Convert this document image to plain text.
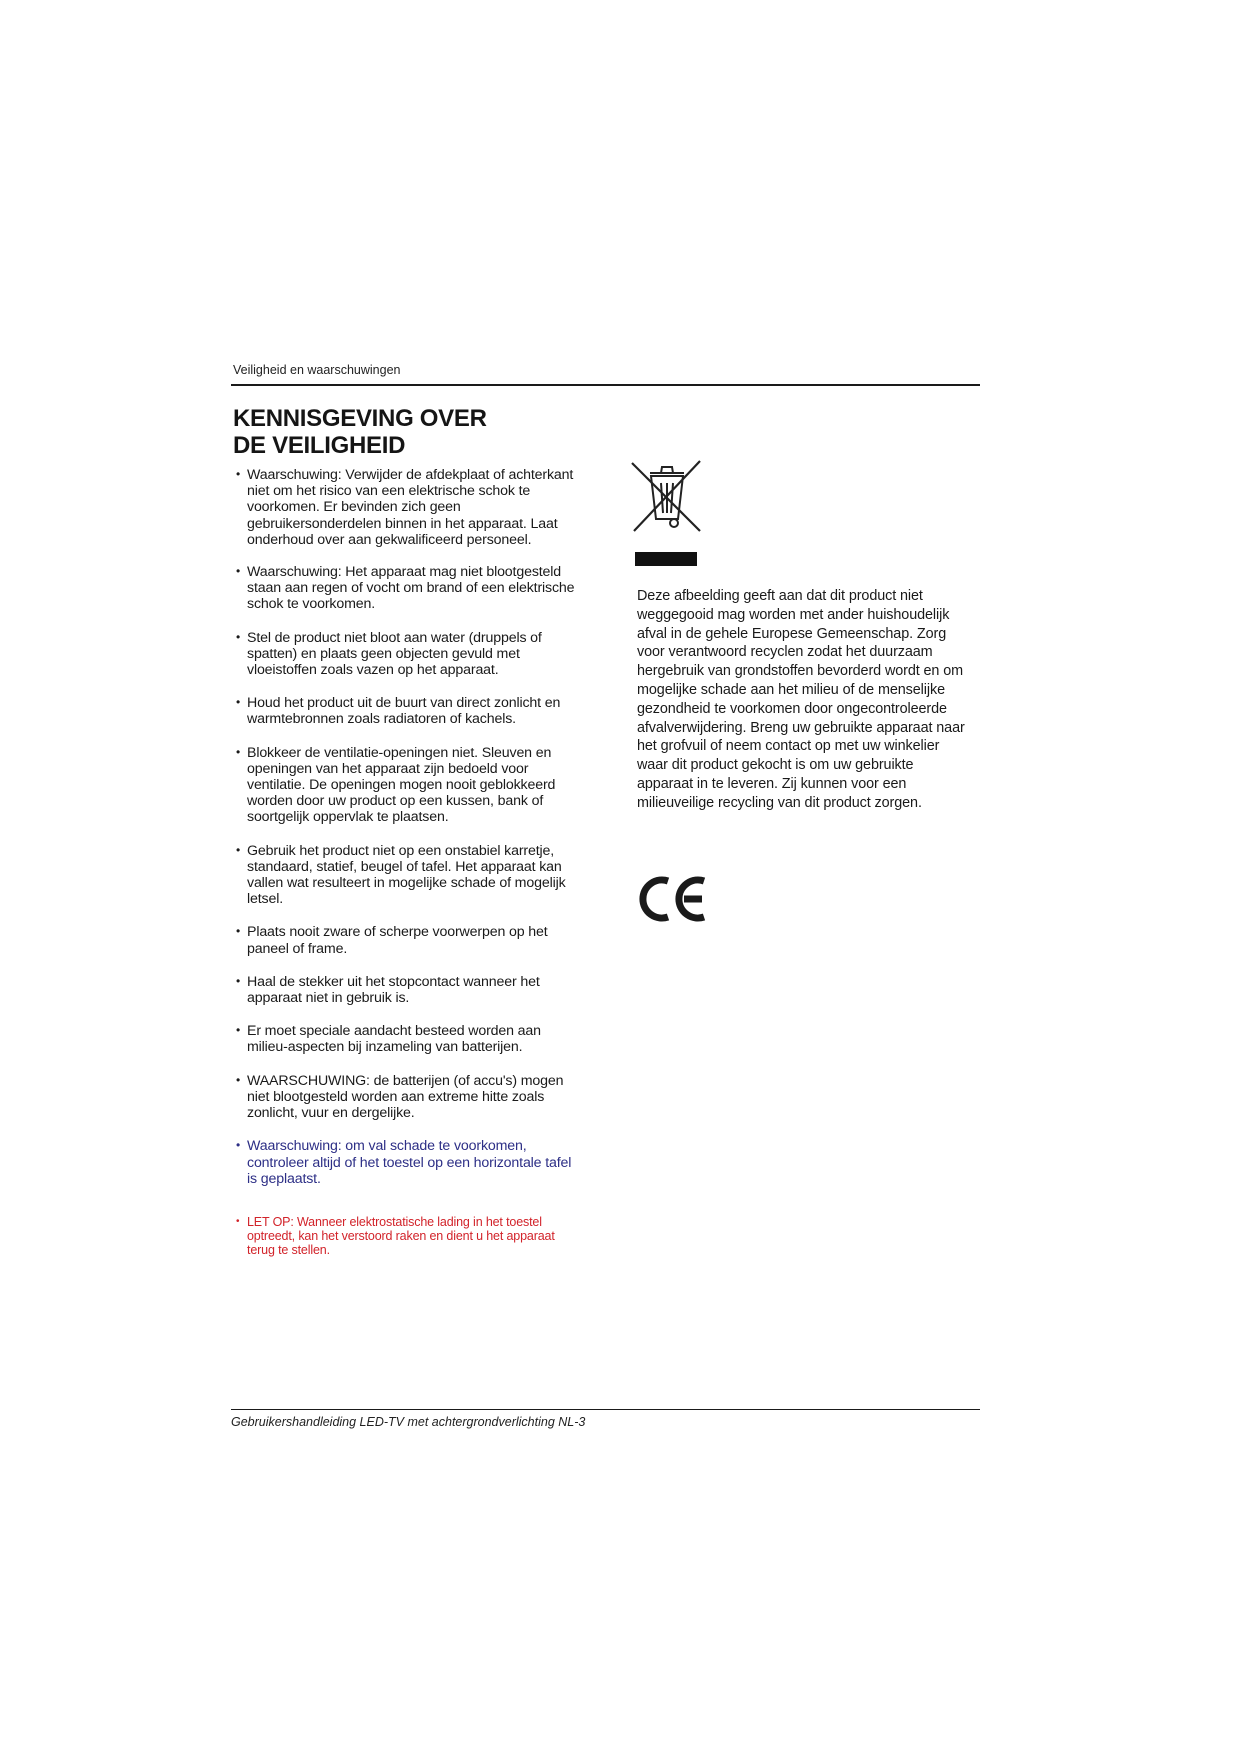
Veiligheid en waarschuwingen
KENNISGEVING OVER
DE VEILIGHEID
• Waarschuwing: Verwijder de afdekplaat of achterkant niet om het risico van een elektrische schok te voorkomen. Er bevinden zich geen gebruikersonderdelen binnen in het apparaat. Laat onderhoud over aan gekwalificeerd personeel.
• Waarschuwing: Het apparaat mag niet blootgesteld staan aan regen of vocht om brand of een elektrische schok te voorkomen.
• Stel de product niet bloot aan water (druppels of spatten) en plaats geen objecten gevuld met vloeistoffen zoals vazen op het apparaat.
• Houd het product uit de buurt van direct zonlicht en warmtebronnen zoals radiatoren of kachels.
• Blokkeer de ventilatie-openingen niet. Sleuven en openingen van het apparaat zijn bedoeld voor ventilatie. De openingen mogen nooit geblokkeerd worden door uw product op een kussen, bank of soortgelijk oppervlak te plaatsen.
• Gebruik het product niet op een onstabiel karretje, standaard, statief, beugel of tafel. Het apparaat kan vallen wat resulteert in mogelijke schade of mogelijk letsel.
• Plaats nooit zware of scherpe voorwerpen op het paneel of frame.
• Haal de stekker uit het stopcontact wanneer het apparaat niet in gebruik is.
• Er moet speciale aandacht besteed worden aan milieu-aspecten bij inzameling van batterijen.
• WAARSCHUWING: de batterijen (of accu's) mogen niet blootgesteld worden aan extreme hitte zoals zonlicht, vuur en dergelijke.
• Waarschuwing: om val schade te voorkomen, controleer altijd of het toestel op een horizontale tafel is geplaatst.
• LET OP: Wanneer elektrostatische lading in het toestel optreedt, kan het verstoord raken en dient u het apparaat terug te stellen.

Deze afbeelding geeft aan dat dit product niet weggegooid mag worden met ander huishoudelijk afval in de gehele Europese Gemeenschap. Zorg voor verantwoord recyclen zodat het duurzaam hergebruik van grondstoffen bevorderd wordt en om mogelijke schade aan het milieu of de menselijke gezondheid te voorkomen door ongecontroleerde afvalverwijdering. Breng uw gebruikte apparaat naar het grofvuil of neem contact op met uw winkelier waar dit product gekocht is om uw gebruikte apparaat in te leveren. Zij kunnen voor een milieuveilige recycling van dit product zorgen.

Gebruikershandleiding LED-TV met achtergrondverlichting NL-3
